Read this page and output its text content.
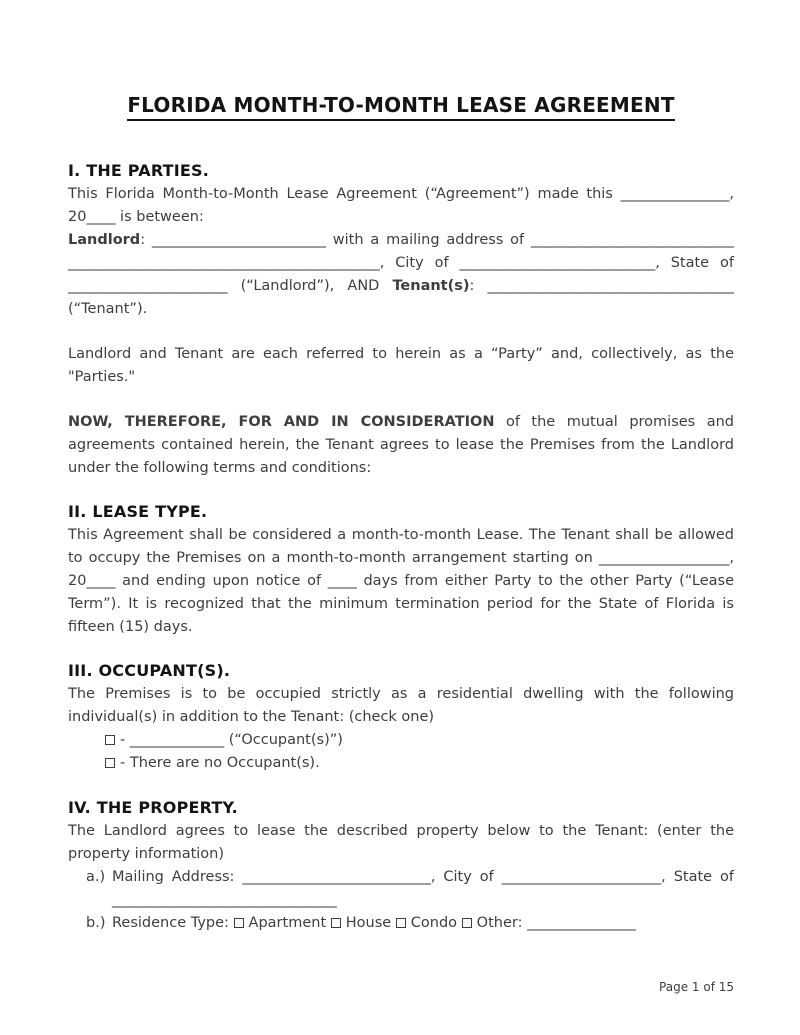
FLORIDA MONTH-TO-MONTH LEASE AGREEMENT
I. THE PARTIES.

This Florida Month-to-Month Lease Agreement (“Agreement”) made this _______________, 20____ is between:

Landlord: ________________________ with a mailing address of ____________________________ ___________________________________________, City of ___________________________, State of ______________________ (“Landlord”), AND Tenant(s): __________________________________ (“Tenant”).

Landlord and Tenant are each referred to herein as a “Party” and, collectively, as the "Parties."

NOW, THEREFORE, FOR AND IN CONSIDERATION of the mutual promises and agreements contained herein, the Tenant agrees to lease the Premises from the Landlord under the following terms and conditions:

II. LEASE TYPE.

This Agreement shall be considered a month-to-month Lease. The Tenant shall be allowed to occupy the Premises on a month-to-month arrangement starting on __________________, 20____ and ending upon notice of ____ days from either Party to the other Party (“Lease Term”). It is recognized that the minimum termination period for the State of Florida is fifteen (15) days.

III. OCCUPANT(S).

The Premises is to be occupied strictly as a residential dwelling with the following individual(s) in addition to the Tenant: (check one)

- _____________ (“Occupant(s)”)
- There are no Occupant(s).
IV. THE PROPERTY.

The Landlord agrees to lease the described property below to the Tenant: (enter the property information)

a.) Mailing Address: __________________________, City of ______________________, State of _______________________________
b.) Residence Type: Apartment House Condo Other: _______________
Page 1 of 15
